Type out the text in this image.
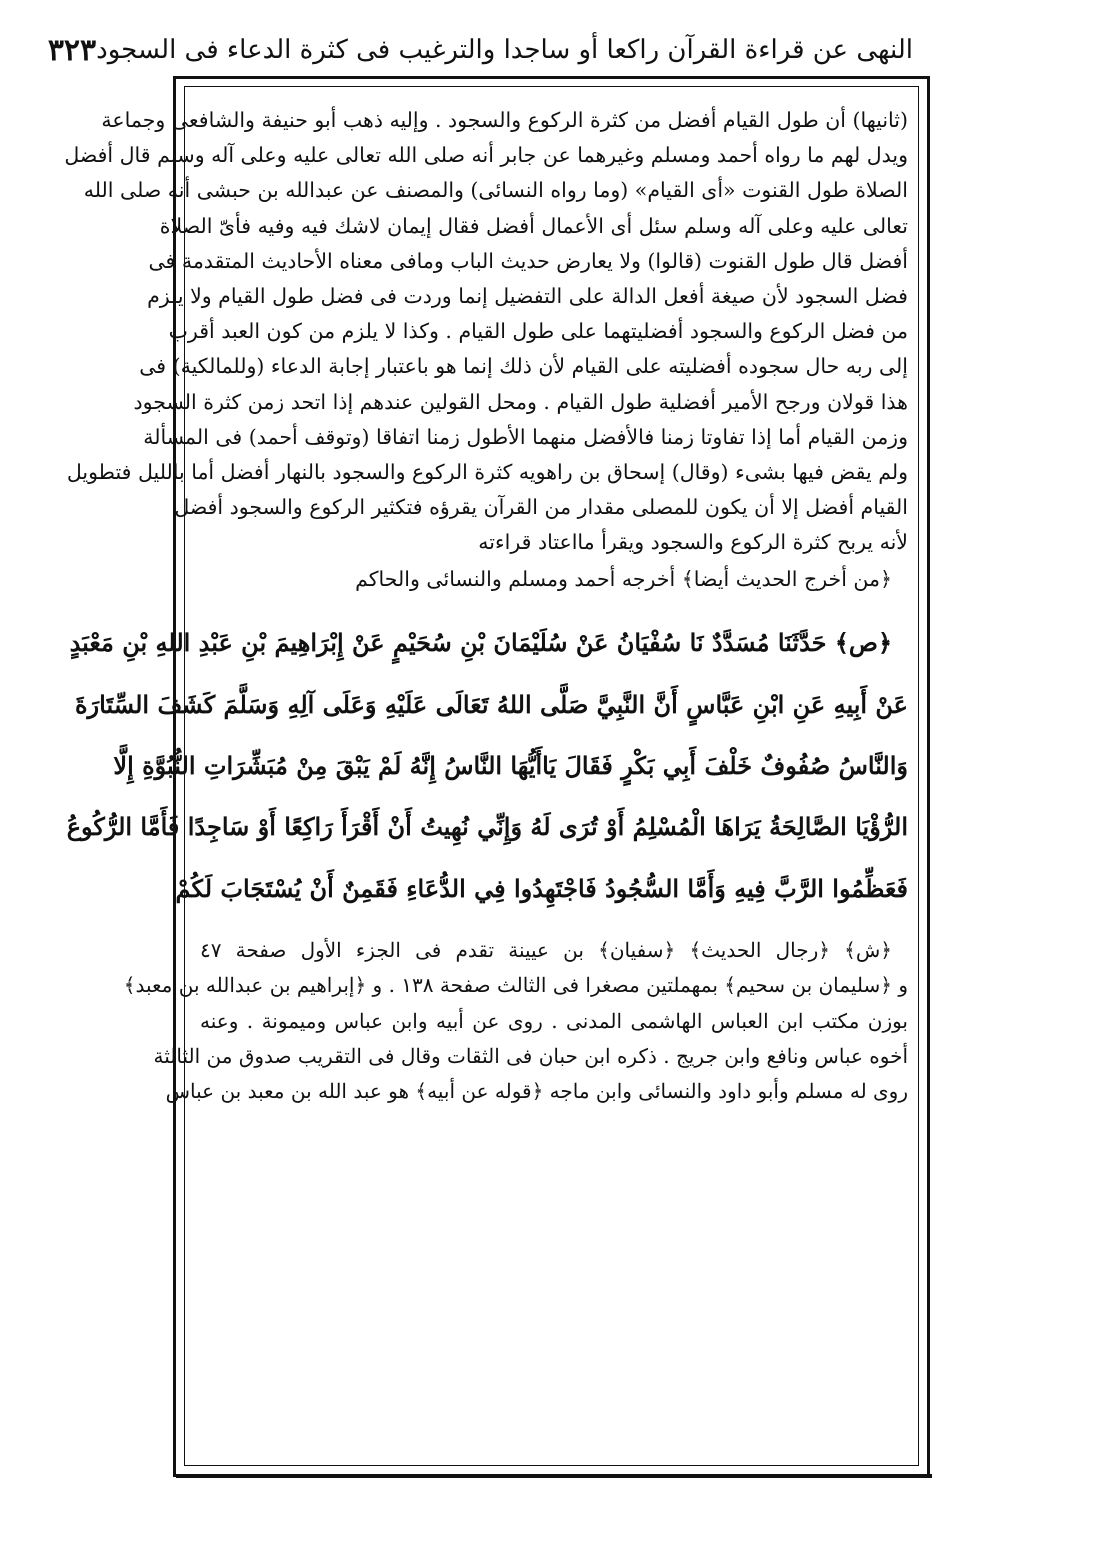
النهى عن قراءة القرآن راكعا أو ساجدا والترغيب فى كثرة الدعاء فى السجود
٣٢٣
(ثانيها) أن طول القيام أفضل من كثرة الركوع والسجود . وإليه ذهب أبو حنيفة والشافعى وجماعة
ويدل لهم ما رواه أحمد ومسلم وغيرهما عن جابر أنه صلى الله تعالى عليه وعلى آله وسلم قال أفضل
الصلاة طول القنوت «أى القيام» (وما رواه النسائى) والمصنف عن عبدالله بن حبشى أنه صلى الله
تعالى عليه وعلى آله وسلم سئل أى الأعمال أفضل فقال إيمان لاشك فيه وفيه فأىّ الصلاة
أفضل قال طول القنوت (قالوا) ولا يعارض حديث الباب ومافى معناه الأحاديث المتقدمة فى
فضل السجود لأن صيغة أفعل الدالة على التفضيل إنما وردت فى فضل طول القيام ولا يلزم
من فضل الركوع والسجود أفضليتهما على طول القيام . وكذا لا يلزم من كون العبد أقرب
إلى ربه حال سجوده أفضليته على القيام لأن ذلك إنما هو باعتبار إجابة الدعاء (وللمالكية) فى
هذا قولان ورجح الأمير أفضلية طول القيام . ومحل القولين عندهم إذا اتحد زمن كثرة السجود
وزمن القيام أما إذا تفاوتا زمنا فالأفضل منهما الأطول زمنا اتفاقا (وتوقف أحمد) فى المسألة
ولم يقض فيها بشىء (وقال) إسحاق بن راهويه كثرة الركوع والسجود بالنهار أفضل أما بالليل فتطويل
القيام أفضل إلا أن يكون للمصلى مقدار من القرآن يقرؤه فتكثير الركوع والسجود أفضل
لأنه يربح كثرة الركوع والسجود ويقرأ مااعتاد قراءته
﴿من أخرج الحديث أيضا﴾ أخرجه أحمد ومسلم والنسائى والحاكم
﴿ص﴾ حَدَّثَنَا مُسَدَّدٌ نَا سُفْيَانُ عَنْ سُلَيْمَانَ بْنِ سُحَيْمٍ عَنْ إِبْرَاهِيمَ بْنِ عَبْدِ اللهِ بْنِ مَعْبَدٍ
عَنْ أَبِيهِ عَنِ ابْنِ عَبَّاسٍ أَنَّ النَّبِيَّ صَلَّى اللهُ تَعَالَى عَلَيْهِ وَعَلَى آلِهِ وَسَلَّمَ كَشَفَ السِّتَارَةَ
وَالنَّاسُ صُفُوفٌ خَلْفَ أَبِي بَكْرٍ فَقَالَ يَاأَيُّهَا النَّاسُ إِنَّهُ لَمْ يَبْقَ مِنْ مُبَشِّرَاتِ النُّبُوَّةِ إِلَّا
الرُّؤْيَا الصَّالِحَةُ يَرَاهَا الْمُسْلِمُ أَوْ تُرَى لَهُ وَإِنِّي نُهِيتُ أَنْ أَقْرَأَ رَاكِعًا أَوْ سَاجِدًا فَأَمَّا الرُّكُوعُ
فَعَظِّمُوا الرَّبَّ فِيهِ وَأَمَّا السُّجُودُ فَاجْتَهِدُوا فِي الدُّعَاءِ فَقَمِنٌ أَنْ يُسْتَجَابَ لَكُمْ
﴿ش﴾ ﴿رجال الحديث﴾ ﴿سفيان﴾ بن عيينة تقدم فى الجزء الأول صفحة ٤٧
و ﴿سليمان بن سحيم﴾ بمهملتين مصغرا فى الثالث صفحة ١٣٨ . و ﴿إبراهيم بن عبدالله بن معبد﴾
بوزن مكتب ابن العباس الهاشمى المدنى . روى عن أبيه وابن عباس وميمونة . وعنه
أخوه عباس ونافع وابن جريج . ذكره ابن حبان فى الثقات وقال فى التقريب صدوق من الثالثة
روى له مسلم وأبو داود والنسائى وابن ماجه ﴿قوله عن أبيه﴾ هو عبد الله بن معبد بن عباس
